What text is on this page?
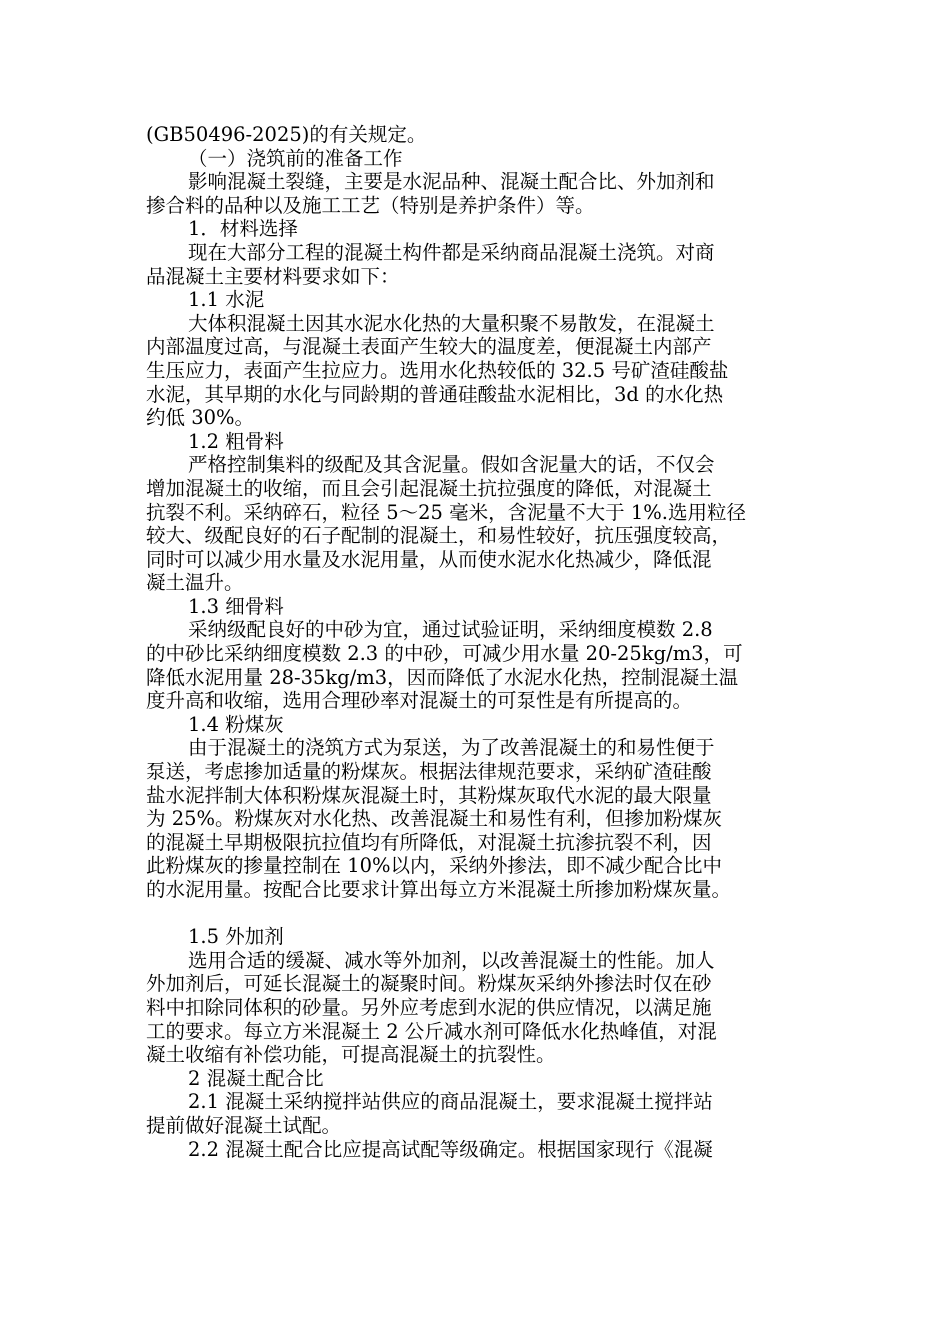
(GB50496-2025)的有关规定。
（一）浇筑前的准备工作
影响混凝土裂缝，主要是水泥品种、混凝土配合比、外加剂和
掺合料的品种以及施工工艺（特别是养护条件）等。
1．材料选择
现在大部分工程的混凝土构件都是采纳商品混凝土浇筑。对商
品混凝土主要材料要求如下：
1.1 水泥
大体积混凝土因其水泥水化热的大量积聚不易散发，在混凝土
内部温度过高，与混凝土表面产生较大的温度差，便混凝土内部产
生压应力，表面产生拉应力。选用水化热较低的 32.5 号矿渣硅酸盐
水泥，其早期的水化与同龄期的普通硅酸盐水泥相比，3d 的水化热
约低 30%。
1.2 粗骨料
严格控制集料的级配及其含泥量。假如含泥量大的话，不仅会
增加混凝土的收缩，而且会引起混凝土抗拉强度的降低，对混凝土
抗裂不利。采纳碎石，粒径 5～25 毫米，含泥量不大于 1%.选用粒径
较大、级配良好的石子配制的混凝土，和易性较好，抗压强度较高，
同时可以减少用水量及水泥用量，从而使水泥水化热减少，降低混
凝土温升。
1.3 细骨料
采纳级配良好的中砂为宜，通过试验证明，采纳细度模数 2.8
的中砂比采纳细度模数 2.3 的中砂，可减少用水量 20-25kg/m3，可
降低水泥用量 28-35kg/m3，因而降低了水泥水化热，控制混凝土温
度升高和收缩，选用合理砂率对混凝土的可泵性是有所提高的。
1.4 粉煤灰
由于混凝土的浇筑方式为泵送，为了改善混凝土的和易性便于
泵送，考虑掺加适量的粉煤灰。根据法律规范要求，采纳矿渣硅酸
盐水泥拌制大体积粉煤灰混凝土时，其粉煤灰取代水泥的最大限量
为 25%。粉煤灰对水化热、改善混凝土和易性有利，但掺加粉煤灰
的混凝土早期极限抗拉值均有所降低，对混凝土抗渗抗裂不利，因
此粉煤灰的掺量控制在 10%以内，采纳外掺法，即不减少配合比中
的水泥用量。按配合比要求计算出每立方米混凝土所掺加粉煤灰量。
1.5 外加剂
选用合适的缓凝、减水等外加剂，以改善混凝土的性能。加人
外加剂后，可延长混凝土的凝聚时间。粉煤灰采纳外掺法时仅在砂
料中扣除同体积的砂量。另外应考虑到水泥的供应情况，以满足施
工的要求。每立方米混凝土 2 公斤减水剂可降低水化热峰值，对混
凝土收缩有补偿功能，可提高混凝土的抗裂性。
2 混凝土配合比
2.1 混凝土采纳搅拌站供应的商品混凝土，要求混凝土搅拌站
提前做好混凝土试配。
2.2 混凝土配合比应提高试配等级确定。根据国家现行《混凝
